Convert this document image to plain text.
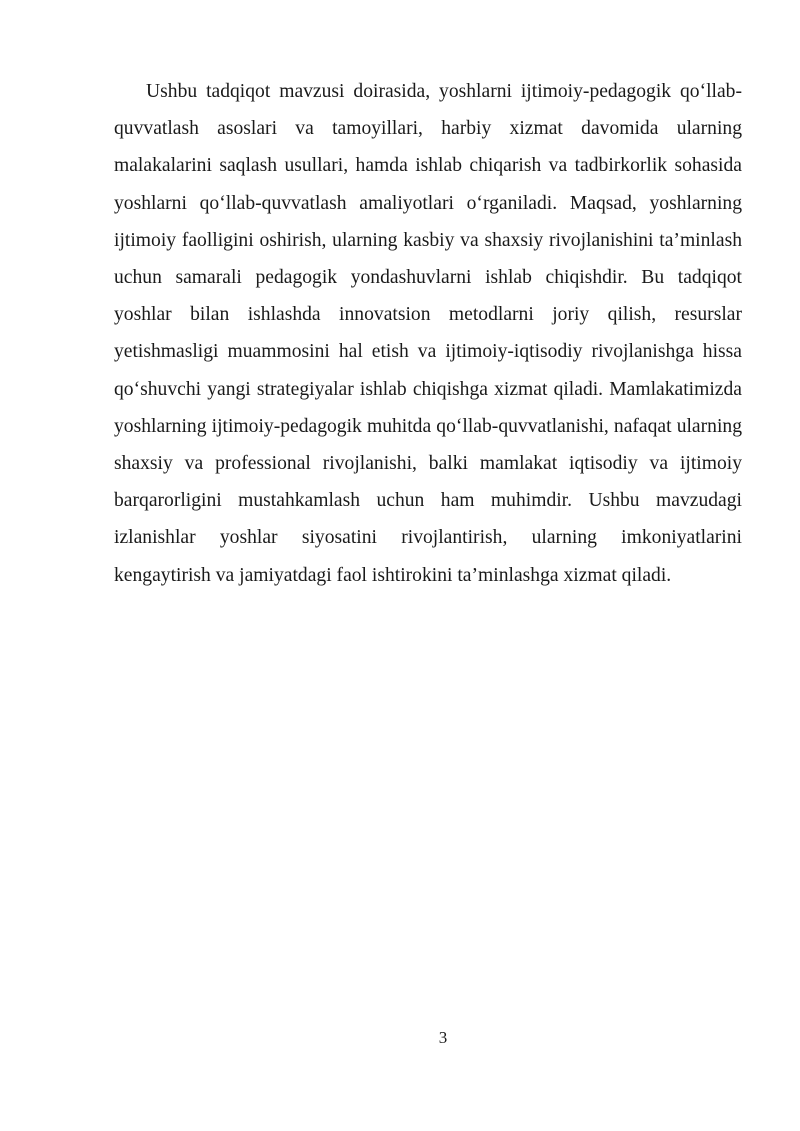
Ushbu tadqiqot mavzusi doirasida, yoshlarni ijtimoiy-pedagogik qo‘llab-quvvatlash asoslari va tamoyillari, harbiy xizmat davomida ularning malakalarini saqlash usullari, hamda ishlab chiqarish va tadbirkorlik sohasida yoshlarni qo‘llab-quvvatlash amaliyotlari o‘rganiladi. Maqsad, yoshlarning ijtimoiy faolligini oshirish, ularning kasbiy va shaxsiy rivojlanishini ta’minlash uchun samarali pedagogik yondashuvlarni ishlab chiqishdir. Bu tadqiqot yoshlar bilan ishlashda innovatsion metodlarni joriy qilish, resurslar yetishmasligi muammosini hal etish va ijtimoiy-iqtisodiy rivojlanishga hissa qo‘shuvchi yangi strategiyalar ishlab chiqishga xizmat qiladi. Mamlakatimizda yoshlarning ijtimoiy-pedagogik muhitda qo‘llab-quvvatlanishi, nafaqat ularning shaxsiy va professional rivojlanishi, balki mamlakat iqtisodiy va ijtimoiy barqarorligini mustahkamlash uchun ham muhimdir. Ushbu mavzudagi izlanishlar yoshlar siyosatini rivojlantirish, ularning imkoniyatlarini kengaytirish va jamiyatdagi faol ishtirokini ta’minlashga xizmat qiladi.

3
